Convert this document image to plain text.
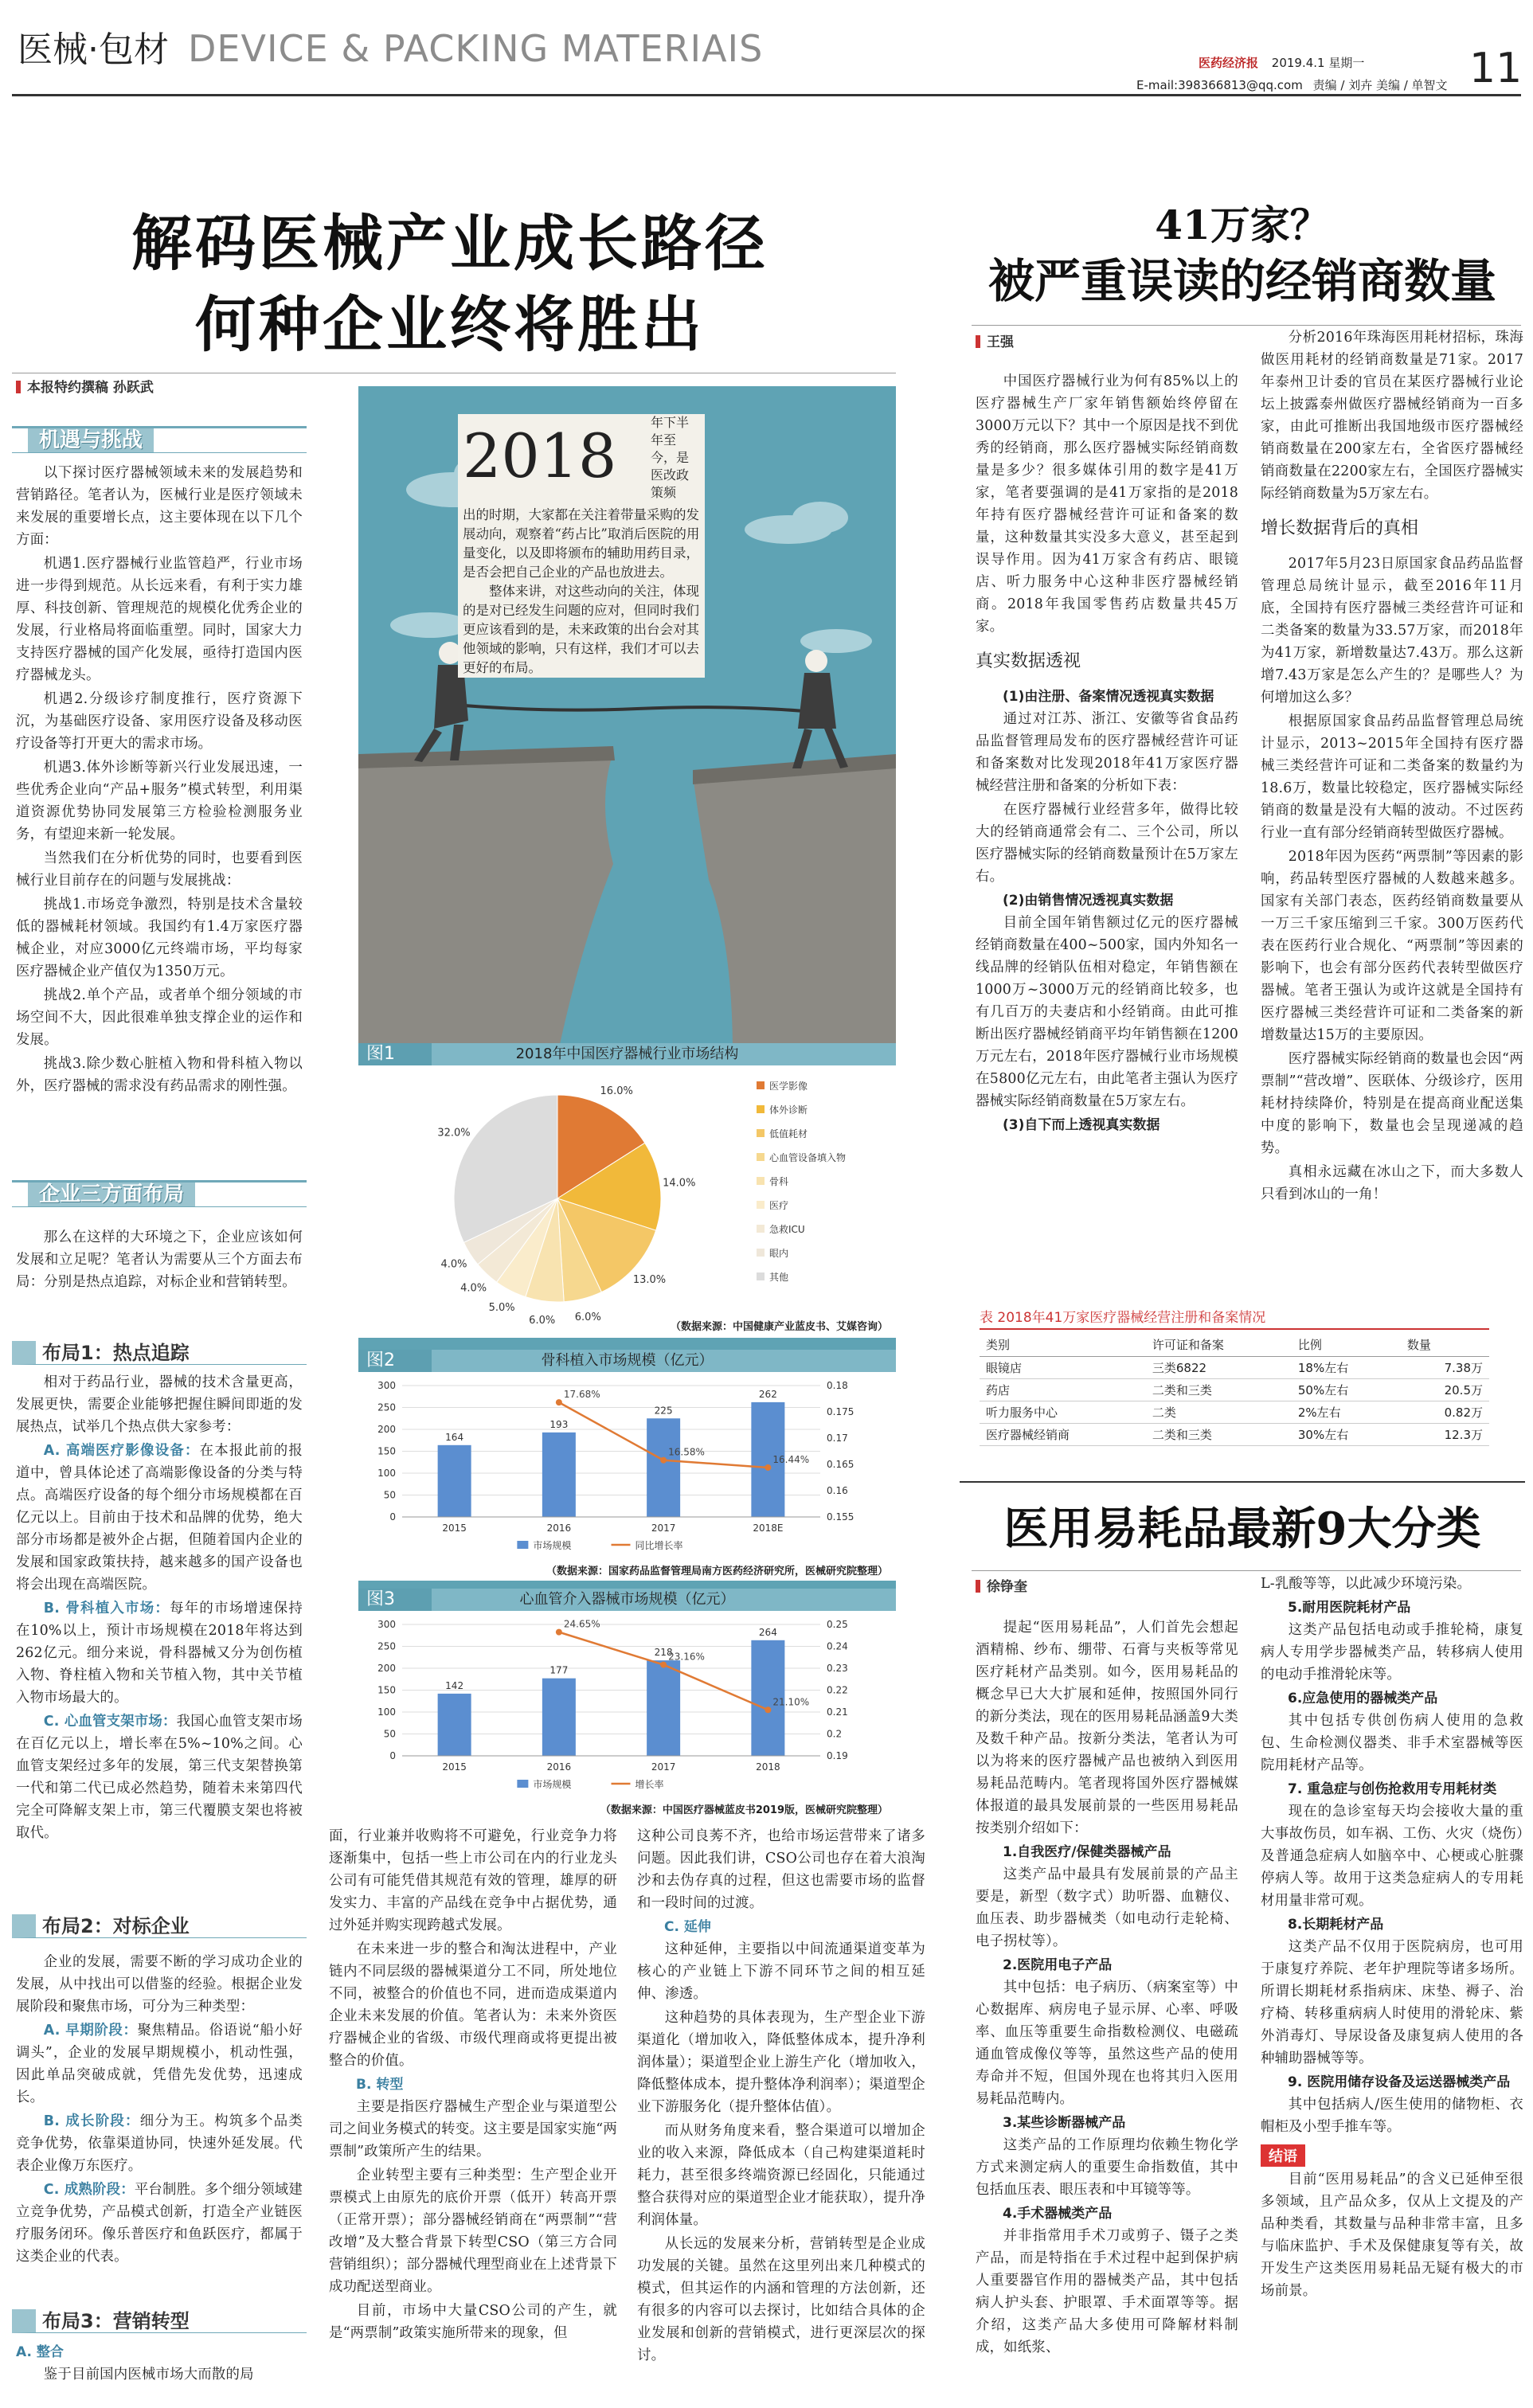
医械·包材 DEVICE & PACKING MATERIAIS	医药经济报 2019.4.1 星期一
E-mail:398366813@qq.com 责编 / 刘卉 美编 / 单智文 11
解码医械产业成长路径
何种企业终将胜出
本报特约撰稿 孙跃武
机遇与挑战

以下探讨医疗器械领域未来的发展趋势和营销路径。笔者认为，医械行业是医疗领域未来发展的重要增长点，这主要体现在以下几个方面：

机遇1.医疗器械行业监管趋严，行业市场进一步得到规范。从长远来看，有利于实力雄厚、科技创新、管理规范的规模化优秀企业的发展，行业格局将面临重塑。同时，国家大力支持医疗器械的国产化发展，亟待打造国内医疗器械龙头。

机遇2.分级诊疗制度推行，医疗资源下沉，为基础医疗设备、家用医疗设备及移动医疗设备等打开更大的需求市场。

机遇3.体外诊断等新兴行业发展迅速，一些优秀企业向“产品+服务”模式转型，利用渠道资源优势协同发展第三方检验检测服务业务，有望迎来新一轮发展。

当然我们在分析优势的同时，也要看到医械行业目前存在的问题与发展挑战：

挑战1.市场竞争激烈，特别是技术含量较低的器械耗材领域。我国约有1.4万家医疗器械企业，对应3000亿元终端市场，平均每家医疗器械企业产值仅为1350万元。

挑战2.单个产品，或者单个细分领域的市场空间不大，因此很难单独支撑企业的运作和发展。

挑战3.除少数心脏植入物和骨科植入物以外，医疗器械的需求没有药品需求的刚性强。

企业三方面布局

那么在这样的大环境之下，企业应该如何发展和立足呢？笔者认为需要从三个方面去布局：分别是热点追踪，对标企业和营销转型。

布局1：热点追踪

相对于药品行业，器械的技术含量更高，发展更快，需要企业能够把握住瞬间即逝的发展热点，试举几个热点供大家参考：

A. 高端医疗影像设备：在本报此前的报道中，曾具体论述了高端影像设备的分类与特点。高端医疗设备的每个细分市场规模都在百亿元以上。目前由于技术和品牌的优势，绝大部分市场都是被外企占据，但随着国内企业的发展和国家政策扶持，越来越多的国产设备也将会出现在高端医院。

B. 骨科植入市场：每年的市场增速保持在10%以上，预计市场规模在2018年将达到262亿元。细分来说，骨科器械又分为创伤植入物、脊柱植入物和关节植入物，其中关节植入物市场最大的。

C. 心血管支架市场：我国心血管支架市场在百亿元以上，增长率在5%~10%之间。心血管支架经过多年的发展，第三代支架替换第一代和第二代已成必然趋势，随着未来第四代完全可降解支架上市，第三代覆膜支架也将被取代。

布局2：对标企业

企业的发展，需要不断的学习成功企业的发展，从中找出可以借鉴的经验。根据企业发展阶段和聚焦市场，可分为三种类型：

A. 早期阶段：聚焦精品。俗语说“船小好调头”，企业的发展早期规模小，机动性强，因此单品突破成就，凭借先发优势，迅速成长。

B. 成长阶段：细分为王。构筑多个品类竞争优势，依靠渠道协同，快速外延发展。代表企业像万东医疗。

C. 成熟阶段：平台制胜。多个细分领域建立竞争优势，产品模式创新，打造全产业链医疗服务闭环。像乐普医疗和鱼跃医疗，都属于这类企业的代表。

布局3：营销转型
A. 整合

鉴于目前国内医械市场大而散的局

2018	年下半年至今，是医改政策频
出的时期，大家都在关注着带量采购的发展动向，观察着“药占比”取消后医院的用量变化，以及即将颁布的辅助用药目录，是否会把自己企业的产品也放进去。
整体来讲，对这些动向的关注，体现的是对已经发生问题的应对，但同时我们更应该看到的是，未来政策的出台会对其他领域的影响，只有这样，我们才可以去更好的布局。
2018年中国医疗器械行业市场结构
图1
16.0%
14.0%
13.0%
6.0%
6.0%
5.0%
4.0%
4.0%
32.0%
医学影像
体外诊断
低值耗材
心血管设备填入物
骨科
医疗
急救ICU
眼内
其他
（数据来源：中国健康产业蓝皮书、艾媒咨询）
骨科植入市场规模（亿元）
图2
0
50
100
150
200
250
300
0.155
0.16
0.165
0.17
0.175
0.18
164
2015
193
2016
225
2017
262
2018E
17.68%
16.58%
16.44%
市场规模	同比增长率
（数据来源：国家药品监督管理局南方医药经济研究所，医械研究院整理）
心血管介入器械市场规模（亿元）
图3
0
50
100
150
200
250
300
0.19
0.2
0.21
0.22
0.23
0.24
0.25
142
2015
177
2016
218
2017
264
2018
24.65%
23.16%
21.10%
市场规模	增长率
（数据来源：中国医疗器械蓝皮书2019版，医械研究院整理）

面，行业兼并收购将不可避免，行业竞争力将逐渐集中，包括一些上市公司在内的行业龙头公司有可能凭借其规范有效的管理，雄厚的研发实力、丰富的产品线在竞争中占据优势，通过外延并购实现跨越式发展。

在未来进一步的整合和淘汰进程中，产业链内不同层级的器械渠道分工不同，所处地位不同，被整合的价值也不同，进而造成渠道内企业未来发展的价值。笔者认为：未来外资医疗器械企业的省级、市级代理商或将更提出被整合的价值。

B. 转型

主要是指医疗器械生产型企业与渠道型公司之间业务模式的转变。这主要是国家实施“两票制”政策所产生的结果。

企业转型主要有三种类型：生产型企业开票模式上由原先的底价开票（低开）转高开票（正常开票）；部分器械经销商在“两票制”“营改增”及大整合背景下转型CSO（第三方合同营销组织）；部分器械代理型商业在上述背景下成功配送型商业。

目前，市场中大量CSO公司的产生，就是“两票制”政策实施所带来的现象，但

这种公司良莠不齐，也给市场运营带来了诸多问题。因此我们讲，CSO公司也存在着大浪淘沙和去伪存真的过程，但这也需要市场的监督和一段时间的过渡。

C. 延伸

这种延伸，主要指以中间流通渠道变革为核心的产业链上下游不同环节之间的相互延伸、渗透。

这种趋势的具体表现为，生产型企业下游渠道化（增加收入，降低整体成本，提升净利润体量）；渠道型企业上游生产化（增加收入，降低整体成本，提升整体净利润率）；渠道型企业下游服务化（提升整体估值）。

而从财务角度来看，整合渠道可以增加企业的收入来源，降低成本（自己构建渠道耗时耗力，甚至很多终端资源已经固化，只能通过整合获得对应的渠道型企业才能获取），提升净利润体量。

从长远的发展来分析，营销转型是企业成功发展的关键。虽然在这里列出来几种模式的模式，但其运作的内涵和管理的方法创新，还有很多的内容可以去探讨，比如结合具体的企业发展和创新的营销模式，进行更深层次的探讨。

41万家？
被严重误读的经销商数量
王强

中国医疗器械行业为何有85%以上的医疗器械生产厂家年销售额始终停留在3000万元以下？其中一个原因是找不到优秀的经销商，那么医疗器械实际经销商数量是多少？很多媒体引用的数字是41万家，笔者要强调的是41万家指的是2018年持有医疗器械经营许可证和备案的数量，这种数量其实没多大意义，甚至起到误导作用。因为41万家含有药店、眼镜店、听力服务中心这种非医疗器械经销商。2018年我国零售药店数量共45万家。

真实数据透视
(1)由注册、备案情况透视真实数据

通过对江苏、浙江、安徽等省食品药品监督管理局发布的医疗器械经营许可证和备案数对比发现2018年41万家医疗器械经营注册和备案的分析如下表：

在医疗器械行业经营多年，做得比较大的经销商通常会有二、三个公司，所以医疗器械实际的经销商数量预计在5万家左右。

(2)由销售情况透视真实数据

目前全国年销售额过亿元的医疗器械经销商数量在400~500家，国内外知名一线品牌的经销队伍相对稳定，年销售额在1000万~3000万元的经销商比较多，也有几百万的夫妻店和小经销商。由此可推断出医疗器械经销商平均年销售额在1200万元左右，2018年医疗器械行业市场规模在5800亿元左右，由此笔者主强认为医疗器械实际经销商数量在5万家左右。

(3)自下而上透视真实数据

分析2016年珠海医用耗材招标，珠海做医用耗材的经销商数量是71家。2017年泰州卫计委的官员在某医疗器械行业论坛上披露泰州做医疗器械经销商为一百多家，由此可推断出我国地级市医疗器械经销商数量在200家左右，全省医疗器械经销商数量在2200家左右，全国医疗器械实际经销商数量为5万家左右。

增长数据背后的真相

2017年5月23日原国家食品药品监督管理总局统计显示，截至2016年11月底，全国持有医疗器械三类经营许可证和二类备案的数量为33.57万家，而2018年为41万家，新增数量达7.43万。那么这新增7.43万家是怎么产生的？是哪些人？为何增加这么多？

根据原国家食品药品监督管理总局统计显示，2013~2015年全国持有医疗器械三类经营许可证和二类备案的数量约为18.6万，数量比较稳定，医疗器械实际经销商的数量是没有大幅的波动。不过医药行业一直有部分经销商转型做医疗器械。

2018年因为医药“两票制”等因素的影响，药品转型医疗器械的人数越来越多。国家有关部门表态，医药经销商数量要从一万三千家压缩到三千家。300万医药代表在医药行业合规化、“两票制”等因素的影响下，也会有部分医药代表转型做医疗器械。笔者王强认为或许这就是全国持有医疗器械三类经营许可证和二类备案的新增数量达15万的主要原因。

医疗器械实际经销商的数量也会因“两票制”“营改增”、医联体、分级诊疗，医用耗材持续降价，特别是在提高商业配送集中度的影响下，数量也会呈现递减的趋势。

真相永远藏在冰山之下，而大多数人只看到冰山的一角！

表 2018年41万家医疗器械经营注册和备案情况
类别	许可证和备案	比例	数量
眼镜店	三类6822	18%左右	7.38万
药店	二类和三类	50%左右	20.5万
听力服务中心	二类	2%左右	0.82万
医疗器械经销商	二类和三类	30%左右	12.3万
医用易耗品最新9大分类
徐铮奎

提起“医用易耗品”，人们首先会想起酒精棉、纱布、绷带、石膏与夹板等常见医疗耗材产品类别。如今，医用易耗品的概念早已大大扩展和延伸，按照国外同行的新分类法，现在的医用易耗品涵盖9大类及数千种产品。按新分类法，笔者认为可以为将来的医疗器械产品也被纳入到医用易耗品范畴内。笔者现将国外医疗器械媒体报道的最具发展前景的一些医用易耗品按类别介绍如下：

1.自我医疗/保健类器械产品

这类产品中最具有发展前景的产品主要是，新型（数字式）助听器、血糖仪、血压表、助步器械类（如电动行走轮椅、电子拐杖等）。

2.医院用电子产品

其中包括：电子病历、（病案室等）中心数据库、病房电子显示屏、心率、呼吸率、血压等重要生命指数检测仪、电磁疏通血管成像仪等等，虽然这些产品的使用寿命并不短，但国外现在也将其归入医用易耗品范畴内。

3.某些诊断器械产品

这类产品的工作原理均依赖生物化学方式来测定病人的重要生命指数值，其中包括血压表、眼压表和中耳镜等等。

4.手术器械类产品

并非指常用手术刀或剪子、镊子之类产品，而是特指在手术过程中起到保护病人重要器官作用的器械类产品，其中包括病人护头套、护眼罩、手术面罩等等。据介绍，这类产品大多使用可降解材料制成，如纸浆、

L-乳酸等等，以此减少环境污染。

5.耐用医院耗材产品

这类产品包括电动或手推轮椅，康复病人专用学步器械类产品，转移病人使用的电动手推滑轮床等。

6.应急使用的器械类产品

其中包括专供创伤病人使用的急救包、生命检测仪器类、非手术室器械等医院用耗材产品等。

7. 重急症与创伤抢救用专用耗材类

现在的急诊室每天均会接收大量的重大事故伤员，如车祸、工伤、火灾（烧伤）及普通急症病人如脑卒中、心梗或心脏骤停病人等。故用于这类急症病人的专用耗材用量非常可观。

8.长期耗材产品

这类产品不仅用于医院病房，也可用于康复疗养院、老年护理院等诸多场所。所谓长期耗材系指病床、床垫、褥子、治疗椅、转移重病病人时使用的滑轮床、紫外消毒灯、导尿设备及康复病人使用的各种辅助器械等等。

9. 医院用储存设备及运送器械类产品

其中包括病人/医生使用的储物柜、衣帽柜及小型手推车等。

结语

目前“医用易耗品”的含义已延伸至很多领域，且产品众多，仅从上文提及的产品种类看，其数量与品种非常丰富，且多与临床监护、手术及保健康复等有关，故开发生产这类医用易耗品无疑有极大的市场前景。
